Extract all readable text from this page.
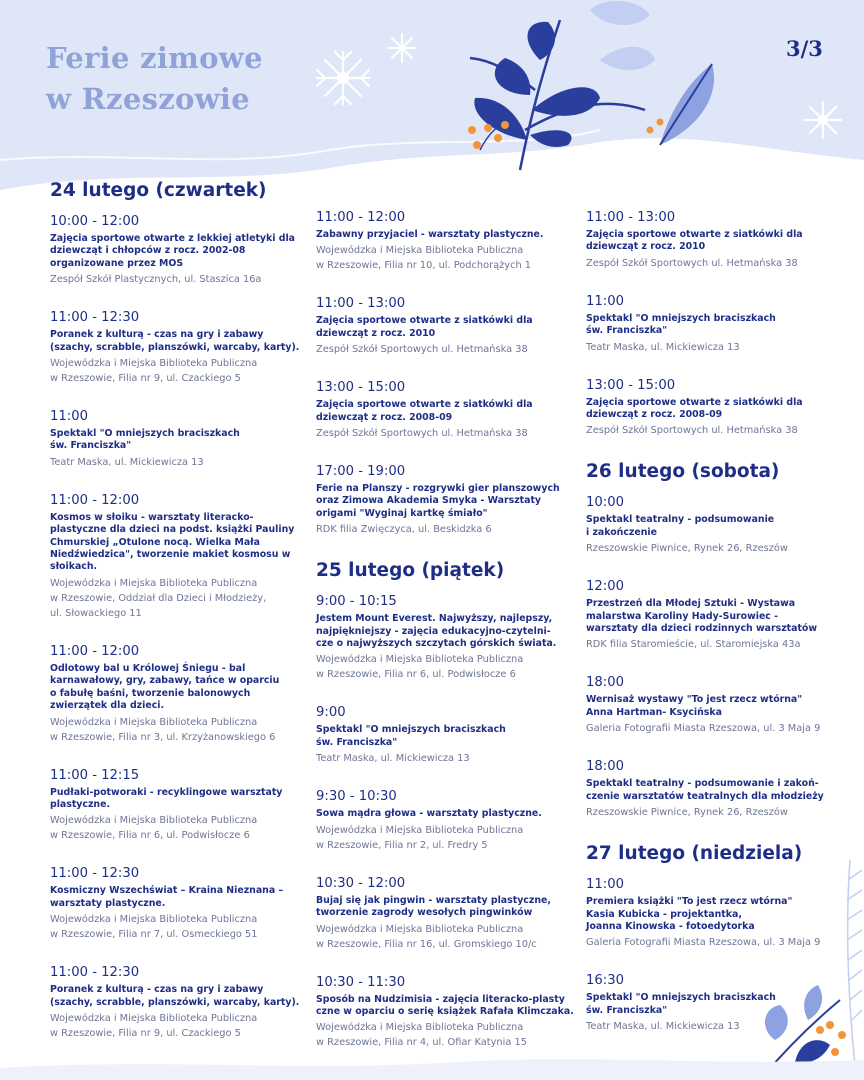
Ferie zimowe
w Rzeszowie
3/3
24 lutego (czwartek)
10:00 - 12:00
Zajęcia sportowe otwarte z lekkiej atletyki dla
dziewcząt i chłopców z rocz. 2002-08
organizowane przez MOS
Zespół Szkół Plastycznych, ul. Staszica 16a
11:00 - 12:30
Poranek z kulturą - czas na gry i zabawy
(szachy, scrabble, planszówki, warcaby, karty).
Wojewódzka i Miejska Biblioteka Publiczna
w Rzeszowie, Filia nr 9, ul. Czackiego 5
11:00
Spektakl "O mniejszych braciszkach
św. Franciszka"
Teatr Maska, ul. Mickiewicza 13
11:00 - 12:00
Kosmos w słoiku - warsztaty literacko-
plastyczne dla dzieci na podst. książki Pauliny
Chmurskiej „Otulone nocą. Wielka Mała
Niedźwiedzica", tworzenie makiet kosmosu w
słoikach.
Wojewódzka i Miejska Biblioteka Publiczna
w Rzeszowie, Oddział dla Dzieci i Młodzieży,
ul. Słowackiego 11
11:00 - 12:00
Odlotowy bal u Królowej Śniegu - bal
karnawałowy, gry, zabawy, tańce w oparciu
o fabułę baśni, tworzenie balonowych
zwierzątek dla dzieci.
Wojewódzka i Miejska Biblioteka Publiczna
w Rzeszowie, Filia nr 3, ul. Krzyżanowskiego 6
11:00 - 12:15
Pudłaki-potworaki - recyklingowe warsztaty
plastyczne.
Wojewódzka i Miejska Biblioteka Publiczna
w Rzeszowie, Filia nr 6, ul. Podwisłocze 6
11:00 - 12:30
Kosmiczny Wszechświat – Kraina Nieznana –
warsztaty plastyczne.
Wojewódzka i Miejska Biblioteka Publiczna
w Rzeszowie, Filia nr 7, ul. Osmeckiego 51
11:00 - 12:30
Poranek z kulturą - czas na gry i zabawy
(szachy, scrabble, planszówki, warcaby, karty).
Wojewódzka i Miejska Biblioteka Publiczna
w Rzeszowie, Filia nr 9, ul. Czackiego 5
11:00 - 12:00
Zabawny przyjaciel - warsztaty plastyczne.
Wojewódzka i Miejska Biblioteka Publiczna
w Rzeszowie, Filia nr 10, ul. Podchorążych 1
11:00 - 13:00
Zajęcia sportowe otwarte z siatkówki dla
dziewcząt z rocz. 2010
Zespół Szkół Sportowych ul. Hetmańska 38
13:00 - 15:00
Zajęcia sportowe otwarte z siatkówki dla
dziewcząt z rocz. 2008-09
Zespół Szkół Sportowych ul. Hetmańska 38
17:00 - 19:00
Ferie na Planszy - rozgrywki gier planszowych
oraz Zimowa Akademia Smyka - Warsztaty
origami "Wyginaj kartkę śmiało"
RDK filia Zwięczyca, ul. Beskidzka 6
25 lutego (piątek)
9:00 - 10:15
Jestem Mount Everest. Najwyższy, najlepszy,
najpiękniejszy - zajęcia edukacyjno-czytelni-
cze o najwyższych szczytach górskich świata.
Wojewódzka i Miejska Biblioteka Publiczna
w Rzeszowie, Filia nr 6, ul. Podwisłocze 6
9:00
Spektakl "O mniejszych braciszkach
św. Franciszka"
Teatr Maska, ul. Mickiewicza 13
9:30 - 10:30
Sowa mądra głowa - warsztaty plastyczne.
Wojewódzka i Miejska Biblioteka Publiczna
w Rzeszowie, Filia nr 2, ul. Fredry 5
10:30 - 12:00
Bujaj się jak pingwin - warsztaty plastyczne,
tworzenie zagrody wesołych pingwinków
Wojewódzka i Miejska Biblioteka Publiczna
w Rzeszowie, Filia nr 16, ul. Gromskiego 10/c
10:30 - 11:30
Sposób na Nudzimisia - zajęcia literacko-plasty
czne w oparciu o serię książek Rafała Klimczaka.
Wojewódzka i Miejska Biblioteka Publiczna
w Rzeszowie, Filia nr 4, ul. Ofiar Katynia 15
11:00 - 13:00
Zajęcia sportowe otwarte z siatkówki dla
dziewcząt z rocz. 2010
Zespół Szkół Sportowych ul. Hetmańska 38
11:00
Spektakl "O mniejszych braciszkach
św. Franciszka"
Teatr Maska, ul. Mickiewicza 13
13:00 - 15:00
Zajęcia sportowe otwarte z siatkówki dla
dziewcząt z rocz. 2008-09
Zespół Szkół Sportowych ul. Hetmańska 38
26 lutego (sobota)
10:00
Spektakl teatralny - podsumowanie
i zakończenie
Rzeszowskie Piwnice, Rynek 26, Rzeszów
12:00
Przestrzeń dla Młodej Sztuki - Wystawa
malarstwa Karoliny Hady-Surowiec -
warsztaty dla dzieci rodzinnych warsztatów
RDK filia Staromieście, ul. Staromiejska 43a
18:00
Wernisaż wystawy "To jest rzecz wtórna"
Anna Hartman- Ksycińska
Galeria Fotografii Miasta Rzeszowa, ul. 3 Maja 9
18:00
Spektakl teatralny - podsumowanie i zakoń-
czenie warsztatów teatralnych dla młodzieży
Rzeszowskie Piwnice, Rynek 26, Rzeszów
27 lutego (niedziela)
11:00
Premiera książki "To jest rzecz wtórna"
Kasia Kubicka - projektantka,
Joanna Kinowska - fotoedytorka
Galeria Fotografii Miasta Rzeszowa, ul. 3 Maja 9
16:30
Spektakl "O mniejszych braciszkach
św. Franciszka"
Teatr Maska, ul. Mickiewicza 13
